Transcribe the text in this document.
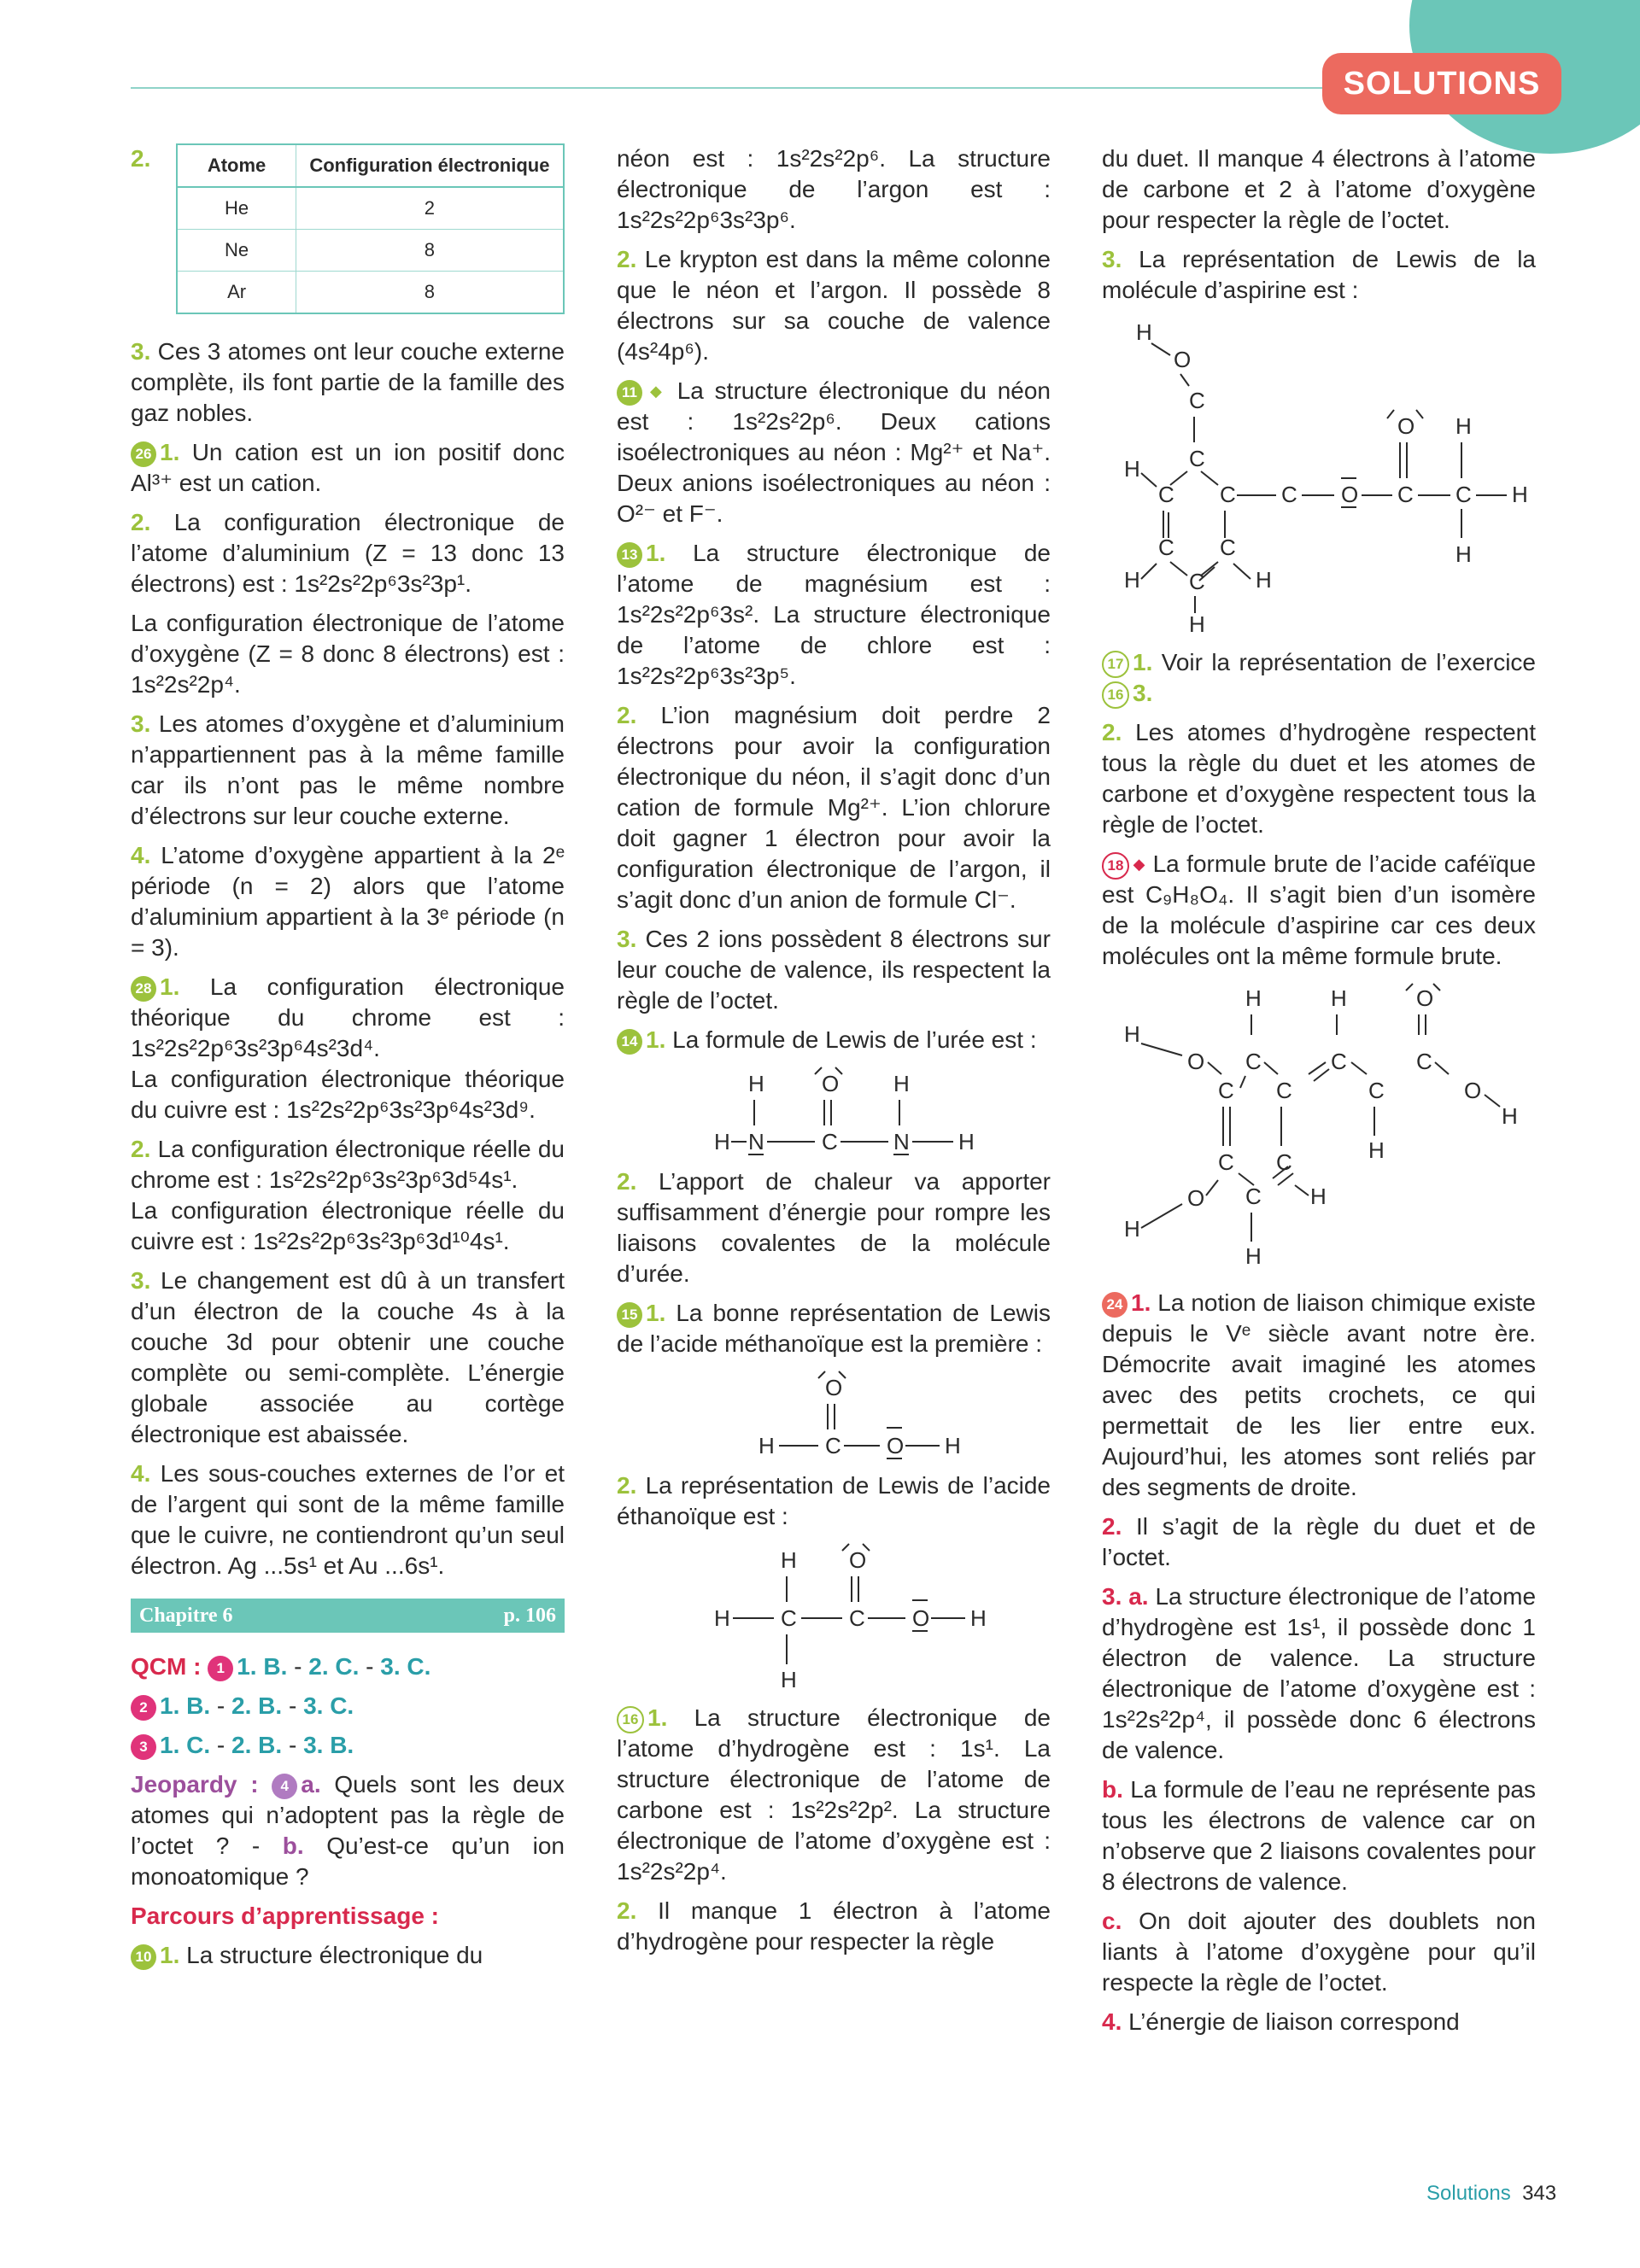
SOLUTIONS
2.	Atome	Configuration électronique
He	2
Ne	8
Ar	8

3. Ces 3 atomes ont leur couche externe complète, ils font partie de la famille des gaz nobles.

26 1. Un cation est un ion positif donc Al³⁺ est un cation.

2. La configuration électronique de l’atome d’aluminium (Z = 13 donc 13 électrons) est : 1s²2s²2p⁶3s²3p¹.

La configuration électronique de l’atome d’oxygène (Z = 8 donc 8 électrons) est : 1s²2s²2p⁴.

3. Les atomes d’oxygène et d’aluminium n’appartiennent pas à la même famille car ils n’ont pas le même nombre d’électrons sur leur couche externe.

4. L’atome d’oxygène appartient à la 2ᵉ période (n = 2) alors que l’atome d’aluminium appartient à la 3ᵉ période (n = 3).

28 1. La configuration électronique théorique du chrome est : 1s²2s²2p⁶3s²3p⁶4s²3d⁴.
La configuration électronique théorique du cuivre est : 1s²2s²2p⁶3s²3p⁶4s²3d⁹.

2. La configuration électronique réelle du chrome est : 1s²2s²2p⁶3s²3p⁶3d⁵4s¹.
La configuration électronique réelle du cuivre est : 1s²2s²2p⁶3s²3p⁶3d¹⁰4s¹.

3. Le changement est dû à un transfert d’un électron de la couche 4s à la couche 3d pour obtenir une couche complète ou semi-complète. L’énergie globale associée au cortège électronique est abaissée.

4. Les sous-couches externes de l’or et de l’argent qui sont de la même famille que le cuivre, ne contiendront qu’un seul électron. Ag ...5s¹ et Au ...6s¹.

Chapitre 6	p. 106

QCM : 1 1. B. - 2. C. - 3. C.

2 1. B. - 2. B. - 3. C.

3 1. C. - 2. B. - 3. B.

Jeopardy : 4 a. Quels sont les deux atomes qui n’adoptent pas la règle de l’octet ? - b. Qu’est-ce qu’un ion monoatomique ?

Parcours d’apprentissage :

10 1. La structure électronique du

néon est : 1s²2s²2p⁶. La structure électronique de l’argon est : 1s²2s²2p⁶3s²3p⁶.

2. Le krypton est dans la même colonne que le néon et l’argon. Il possède 8 électrons sur sa couche de valence (4s²4p⁶).

11 ◆ La structure électronique du néon est : 1s²2s²2p⁶. Deux cations isoélectroniques au néon : Mg²⁺ et Na⁺. Deux anions isoélectroniques au néon : O²⁻ et F⁻.

13 1. La structure électronique de l’atome de magnésium est : 1s²2s²2p⁶3s². La structure électronique de l’atome de chlore est : 1s²2s²2p⁶3s²3p⁵.

2. L’ion magnésium doit perdre 2 électrons pour avoir la configuration électronique du néon, il s’agit donc d’un cation de formule Mg²⁺. L’ion chlorure doit gagner 1 électron pour avoir la configuration électronique de l’argon, il s’agit donc d’un anion de formule Cl⁻.

3. Ces 2 ions possèdent 8 électrons sur leur couche de valence, ils respectent la règle de l’octet.

14 1. La formule de Lewis de l’urée est :

H	O H
H N	C	N H

2. L’apport de chaleur va apporter suffisamment d’énergie pour rompre les liaisons covalentes de la molécule d’urée.

15 1. La bonne représentation de Lewis de l’acide méthanoïque est la première :

O
H C O H

2. La représentation de Lewis de l’acide éthanoïque est :

H O
H C C O H
H

16 1. La structure électronique de l’atome d’hydrogène est : 1s¹. La structure électronique de l’atome de carbone est : 1s²2s²2p². La structure électronique de l’atome d’oxygène est : 1s²2s²2p⁴.

2. Il manque 1 électron à l’atome d’hydrogène pour respecter la règle

du duet. Il manque 4 électrons à l’atome de carbone et 2 à l’atome d’oxygène pour respecter la règle de l’octet.

3. La représentation de Lewis de la molécule d’aspirine est :

H
O
C
C
C C
C C
C
H
H	H
H
C O C C H
O H
H

17 1. Voir la représentation de l’exercice 16 3.

2. Les atomes d’hydrogène respectent tous la règle du duet et les atomes de carbone et d’oxygène respectent tous la règle de l’octet.

18 ◆ La formule brute de l’acide caféïque est C₉H₈O₄. Il s’agit bien d’un isomère de la molécule d’aspirine car ces deux molécules ont la même formule brute.

H	H	O
H
O C	C	C
C C	C	O
H
H
C C
H
O C
H
H

24 1. La notion de liaison chimique existe depuis le Vᵉ siècle avant notre ère. Démocrite avait imaginé les atomes avec des petits crochets, ce qui permettait de les lier entre eux. Aujourd’hui, les atomes sont reliés par des segments de droite.

2. Il s’agit de la règle du duet et de l’octet.

3. a. La structure électronique de l’atome d’hydrogène est 1s¹, il possède donc 1 électron de valence. La structure électronique de l’atome d’oxygène est : 1s²2s²2p⁴, il possède donc 6 électrons de valence.

b. La formule de l’eau ne représente pas tous les électrons de valence car on n’observe que 2 liaisons covalentes pour 8 électrons de valence.

c. On doit ajouter des doublets non liants à l’atome d’oxygène pour qu’il respecte la règle de l’octet.

4. L’énergie de liaison correspond

Solutions 343
